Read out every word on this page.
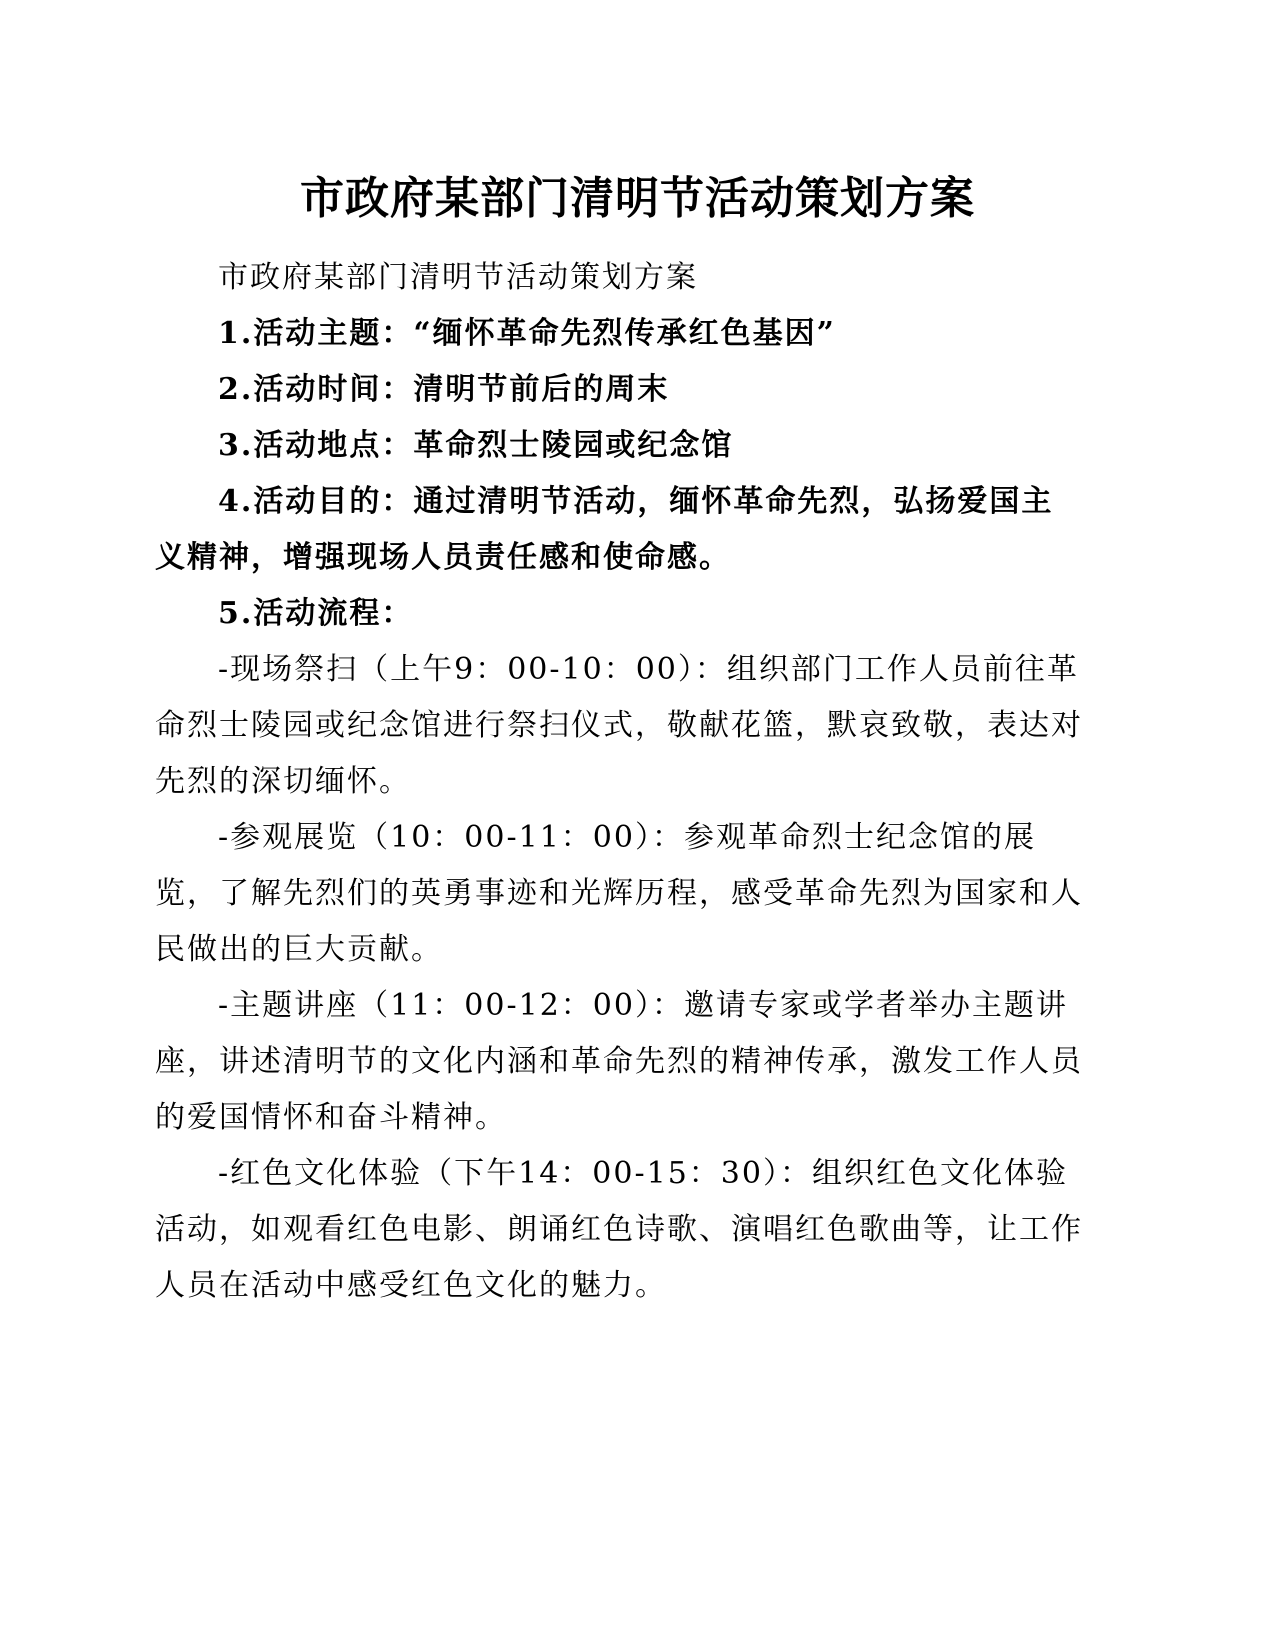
市政府某部门清明节活动策划方案

市政府某部门清明节活动策划方案

1.活动主题：“缅怀革命先烈传承红色基因”

2.活动时间：清明节前后的周末

3.活动地点：革命烈士陵园或纪念馆

4.活动目的：通过清明节活动，缅怀革命先烈，弘扬爱国主义精神，增强现场人员责任感和使命感。

5.活动流程：

-现场祭扫（上午9：00-10：00）：组织部门工作人员前往革命烈士陵园或纪念馆进行祭扫仪式，敬献花篮，默哀致敬，表达对先烈的深切缅怀。

-参观展览（10：00-11：00）：参观革命烈士纪念馆的展览，了解先烈们的英勇事迹和光辉历程，感受革命先烈为国家和人民做出的巨大贡献。

-主题讲座（11：00-12：00）：邀请专家或学者举办主题讲座，讲述清明节的文化内涵和革命先烈的精神传承，激发工作人员的爱国情怀和奋斗精神。

-红色文化体验（下午14：00-15：30）：组织红色文化体验活动，如观看红色电影、朗诵红色诗歌、演唱红色歌曲等，让工作人员在活动中感受红色文化的魅力。
